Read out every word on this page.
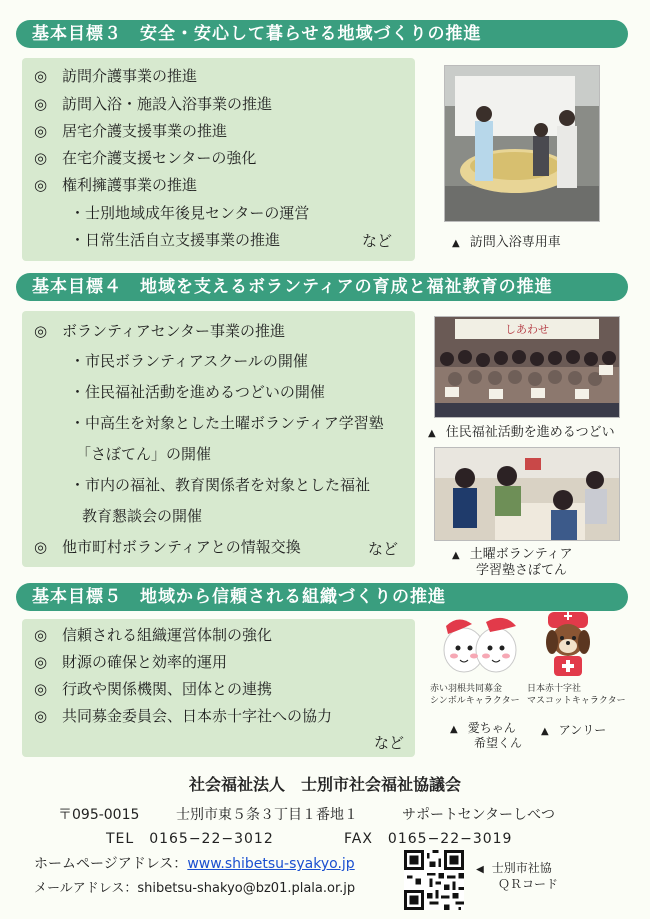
基本目標３　安全・安心して暮らせる地域づくりの推進
◎ 訪問介護事業の推進
◎ 訪問入浴・施設入浴事業の推進
◎ 居宅介護支援事業の推進
◎ 在宅介護支援センターの強化
◎ 権利擁護事業の推進
・士別地域成年後見センターの運営
・日常生活自立支援事業の推進	など	▲ 訪問入浴専用車
基本目標４　地域を支えるボランティアの育成と福祉教育の推進
◎ ボランティアセンター事業の推進
・市民ボランティアスクールの開催
・住民福祉活動を進めるつどいの開催
・中高生を対象とした土曜ボランティア学習塾
「さぼてん」の開催
・市内の福祉、教育関係者を対象とした福祉
教育懇談会の開催
◎ 他市町村ボランティアとの情報交換	など
しあわせ
▲ 住民福祉活動を進めるつどい
▲ 土曜ボランティア
学習塾さぼてん
基本目標５　地域から信頼される組織づくりの推進
◎ 信頼される組織運営体制の強化
◎ 財源の確保と効率的運用
◎ 行政や関係機関、団体との連携
◎ 共同募金委員会、日本赤十字社への協力
など
赤い羽根共同募金
シンボルキャラクター
▲ 愛ちゃん
希望くん
日本赤十字社
マスコットキャラクター
▲ アンリー
社会福祉法人　士別市社会福祉協議会
〒095-0015	士別市東５条３丁目１番地１	サポートセンターしべつ
TEL　0165−22−3012	FAX　0165−22−3019
ホームページアドレス：www.shibetsu-syakyo.jp
メールアドレス：shibetsu-shakyo@bz01.plala.or.jp
▲ 士別市社協
ＱＲコード
